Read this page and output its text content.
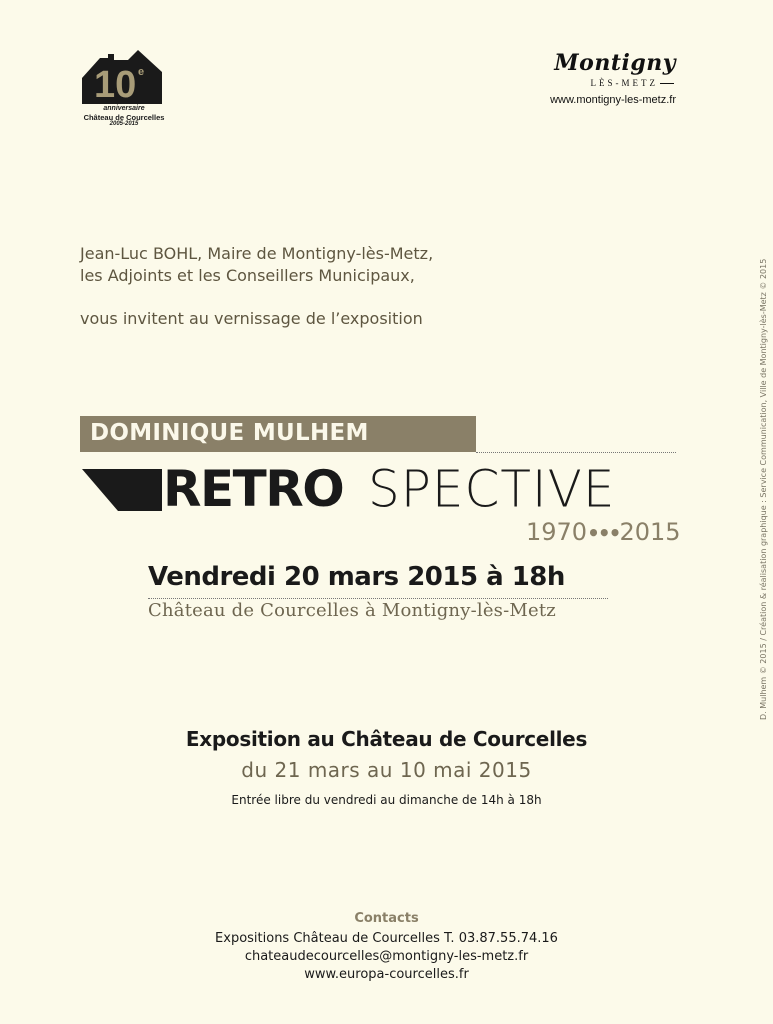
10 e
anniversaire
Château de Courcelles
2005-2015
Montigny
LÈS-METZ
www.montigny-les-metz.fr
Jean-Luc BOHL, Maire de Montigny-lès-Metz,
les Adjoints et les Conseillers Municipaux,
vous invitent au vernissage de l’exposition
DOMINIQUE MULHEM
RETRO SPECTIVE
1970•••2015
Vendredi 20 mars 2015 à 18h
Château de Courcelles à Montigny-lès-Metz
Exposition au Château de Courcelles
du 21 mars au 10 mai 2015
Entrée libre du vendredi au dimanche de 14h à 18h
Contacts
Expositions Château de Courcelles T. 03.87.55.74.16
chateaudecourcelles@montigny-les-metz.fr
www.europa-courcelles.fr
D. Mulhem © 2015 / Création & réalisation graphique : Service Communication, Ville de Montigny-lès-Metz © 2015
